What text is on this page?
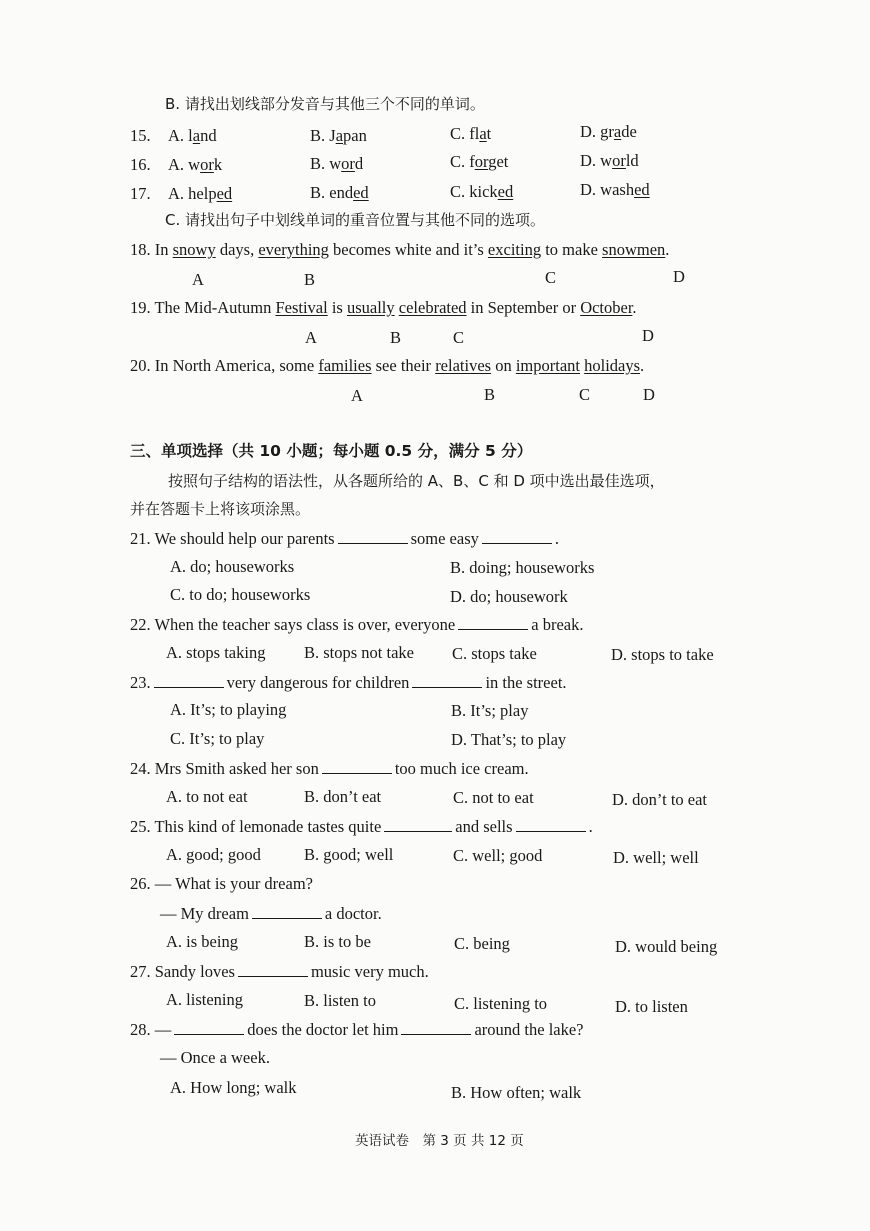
B. 请找出划线部分发音与其他三个不同的单词。
15. A. land	B. Japan	C. flat	D. grade
16. A. work	B. word	C. forget	D. world
17. A. helped	B. ended	C. kicked	D. washed
C. 请找出句子中划线单词的重音位置与其他不同的选项。
18. In snowy days, everything becomes white and it’s exciting to make snowmen.
A	B	C	D
19. The Mid-Autumn Festival is usually celebrated in September or October.
A	B	C	D
20. In North America, some families see their relatives on important holidays.
A	B	C	D
三、单项选择（共 10 小题；每小题 0.5 分，满分 5 分）
按照句子结构的语法性，从各题所给的 A、B、C 和 D 项中选出最佳选项，
并在答题卡上将该项涂黑。
21. We should help our parents	some easy	.
A. do; houseworks	B. doing; houseworks
C. to do; houseworks	D. do; housework
22. When the teacher says class is over, everyone	a break.
A. stops taking B. stops not take C. stops take	D. stops to take
23.	very dangerous for children	in the street.
A. It’s; to playing	B. It’s; play
C. It’s; to play	D. That’s; to play
24. Mrs Smith asked her son	too much ice cream.
A. to not eat	B. don’t eat	C. not to eat	D. don’t to eat
25. This kind of lemonade tastes quite	and sells	.
A. good; good	B. good; well	C. well; good	D. well; well
26. — What is your dream?
— My dream	a doctor.
A. is being	B. is to be	C. being	D. would being
27. Sandy loves	music very much.
A. listening	B. listen to	C. listening to	D. to listen
28. —	does the doctor let him	around the lake?
— Once a week.
A. How long; walk	B. How often; walk
英语试卷　第 3 页 共 12 页
